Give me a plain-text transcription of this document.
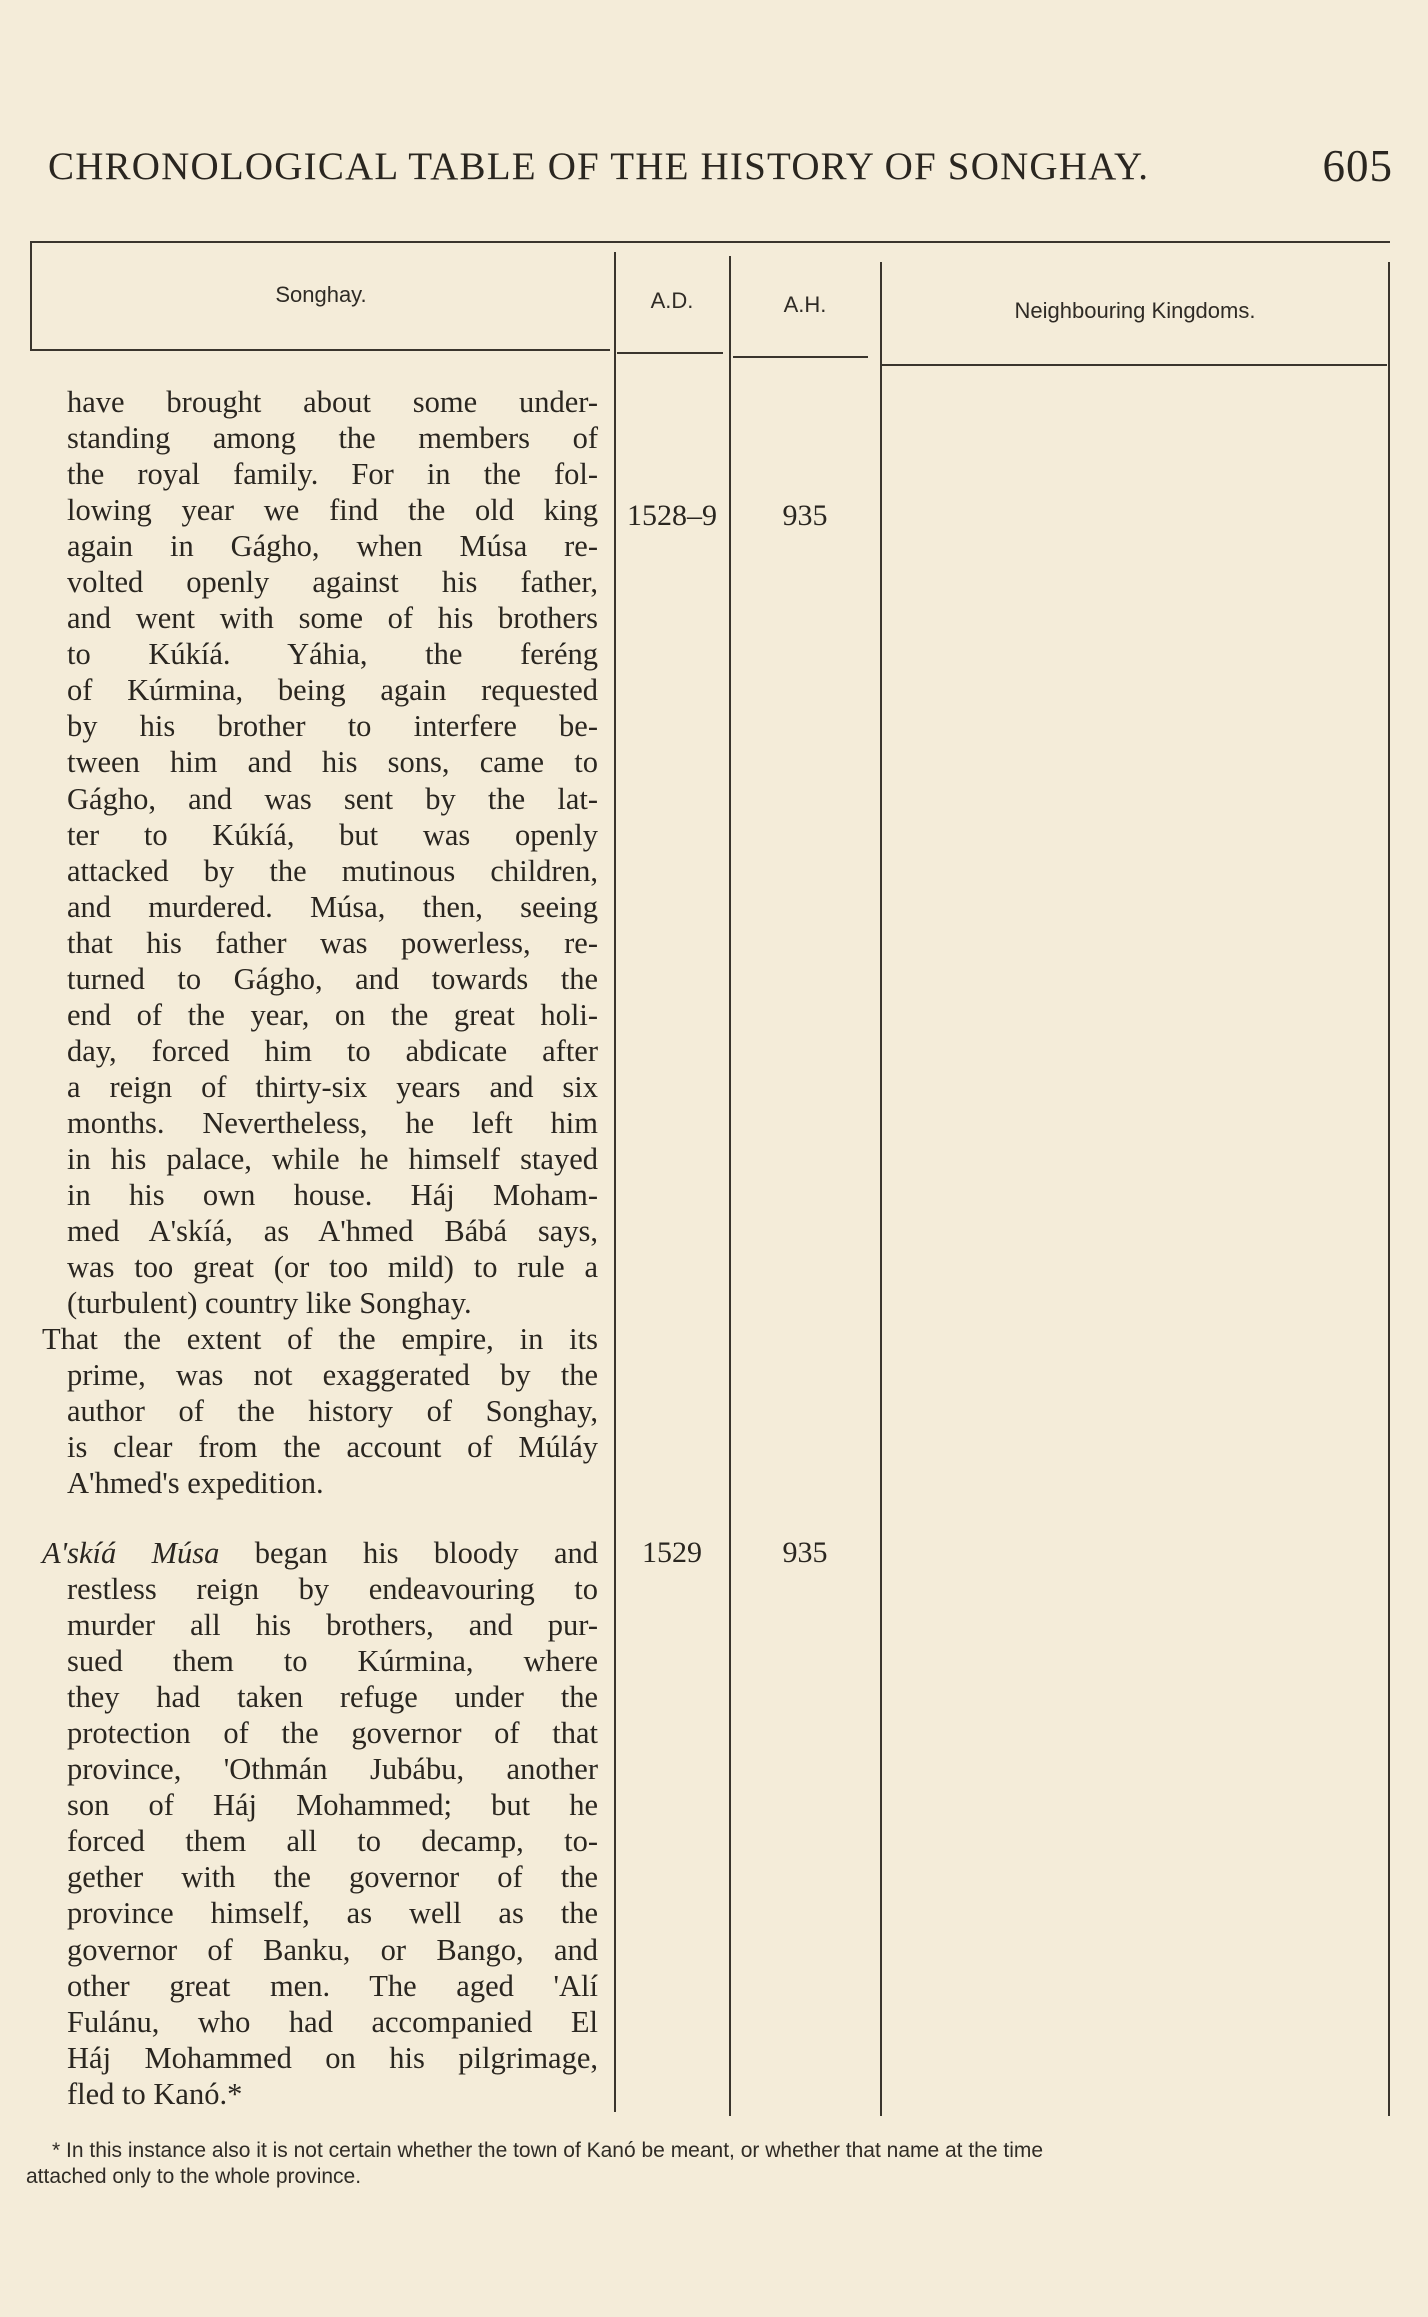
CHRONOLOGICAL TABLE OF THE HISTORY OF SONGHAY.	605
Songhay.	A.D.	A.H.	Neighbouring Kingdoms.
have brought about some under-
standing among the members of
the royal family. For in the fol-
lowing year we find the old king
again in Gágho, when Músa re-
volted openly against his father,
and went with some of his brothers
to Kúkíá. Yáhia, the feréng
of Kúrmina, being again requested
by his brother to interfere be-
tween him and his sons, came to
Gágho, and was sent by the lat-
ter to Kúkíá, but was openly
attacked by the mutinous children,
and murdered. Músa, then, seeing
that his father was powerless, re-
turned to Gágho, and towards the
end of the year, on the great holi-
day, forced him to abdicate after
a reign of thirty-six years and six
months. Nevertheless, he left him
in his palace, while he himself stayed
in his own house. Háj Moham-
med A'skíá, as A'hmed Bábá says,
was too great (or too mild) to rule a
(turbulent) country like Songhay.
That the extent of the empire, in its
prime, was not exaggerated by the
author of the history of Songhay,
is clear from the account of Múláy
A'hmed's expedition.
1528–9	935
A'skíá Músa began his bloody and
restless reign by endeavouring to
murder all his brothers, and pur-
sued them to Kúrmina, where
they had taken refuge under the
protection of the governor of that
province, 'Othmán Jubábu, another
son of Háj Mohammed; but he
forced them all to decamp, to-
gether with the governor of the
province himself, as well as the
governor of Banku, or Bango, and
other great men. The aged 'Alí
Fulánu, who had accompanied El
Háj Mohammed on his pilgrimage,
fled to Kanó.*
1529	935
* In this instance also it is not certain whether the town of Kanó be meant, or whether that name at the time
attached only to the whole province.
